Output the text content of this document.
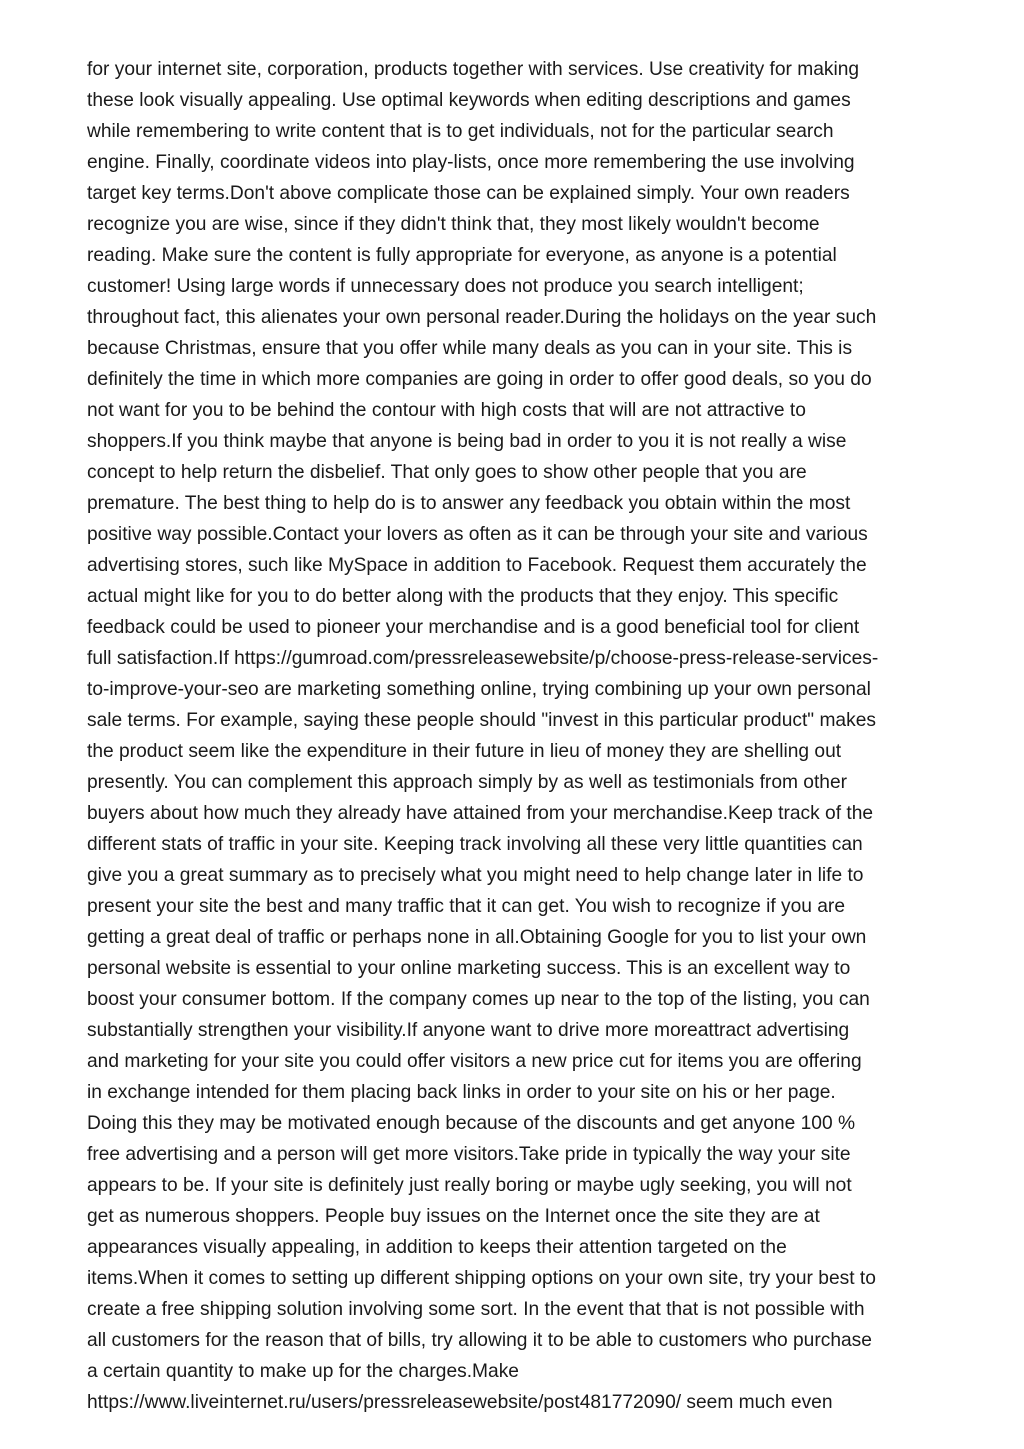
for your internet site, corporation, products together with services. Use creativity for making
these look visually appealing. Use optimal keywords when editing descriptions and games
while remembering to write content that is to get individuals, not for the particular search
engine. Finally, coordinate videos into play-lists, once more remembering the use involving
target key terms.Don't above complicate those can be explained simply. Your own readers
recognize you are wise, since if they didn't think that, they most likely wouldn't become
reading. Make sure the content is fully appropriate for everyone, as anyone is a potential
customer! Using large words if unnecessary does not produce you search intelligent;
throughout fact, this alienates your own personal reader.During the holidays on the year such
because Christmas, ensure that you offer while many deals as you can in your site. This is
definitely the time in which more companies are going in order to offer good deals, so you do
not want for you to be behind the contour with high costs that will are not attractive to
shoppers.If you think maybe that anyone is being bad in order to you it is not really a wise
concept to help return the disbelief. That only goes to show other people that you are
premature. The best thing to help do is to answer any feedback you obtain within the most
positive way possible.Contact your lovers as often as it can be through your site and various
advertising stores, such like MySpace in addition to Facebook. Request them accurately the
actual might like for you to do better along with the products that they enjoy. This specific
feedback could be used to pioneer your merchandise and is a good beneficial tool for client
full satisfaction.If https://gumroad.com/pressreleasewebsite/p/choose-press-release-services-
to-improve-your-seo are marketing something online, trying combining up your own personal
sale terms. For example, saying these people should "invest in this particular product" makes
the product seem like the expenditure in their future in lieu of money they are shelling out
presently. You can complement this approach simply by as well as testimonials from other
buyers about how much they already have attained from your merchandise.Keep track of the
different stats of traffic in your site. Keeping track involving all these very little quantities can
give you a great summary as to precisely what you might need to help change later in life to
present your site the best and many traffic that it can get. You wish to recognize if you are
getting a great deal of traffic or perhaps none in all.Obtaining Google for you to list your own
personal website is essential to your online marketing success. This is an excellent way to
boost your consumer bottom. If the company comes up near to the top of the listing, you can
substantially strengthen your visibility.If anyone want to drive more moreattract advertising
and marketing for your site you could offer visitors a new price cut for items you are offering
in exchange intended for them placing back links in order to your site on his or her page.
Doing this they may be motivated enough because of the discounts and get anyone 100 %
free advertising and a person will get more visitors.Take pride in typically the way your site
appears to be. If your site is definitely just really boring or maybe ugly seeking, you will not
get as numerous shoppers. People buy issues on the Internet once the site they are at
appearances visually appealing, in addition to keeps their attention targeted on the
items.When it comes to setting up different shipping options on your own site, try your best to
create a free shipping solution involving some sort. In the event that that is not possible with
all customers for the reason that of bills, try allowing it to be able to customers who purchase
a certain quantity to make up for the charges.Make
https://www.liveinternet.ru/users/pressreleasewebsite/post481772090/ seem much even
